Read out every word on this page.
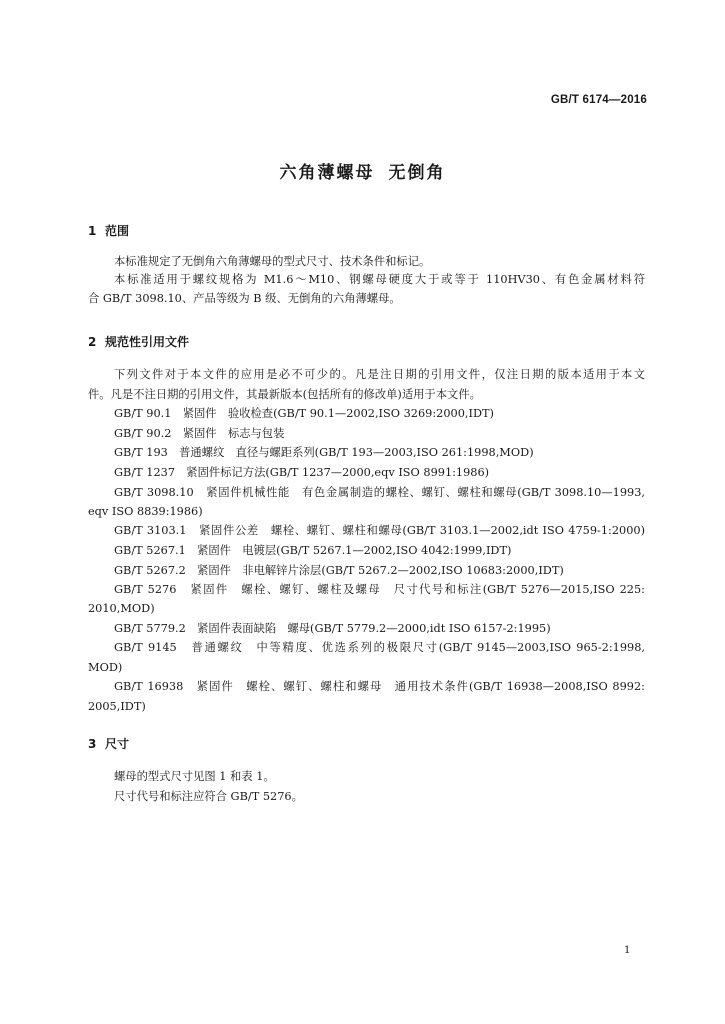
GB/T 6174—2016
六角薄螺母 无倒角
1 范围
本标准规定了无倒角六角薄螺母的型式尺寸、技术条件和标记。
本标准适用于螺纹规格为 M1.6～M10、钢螺母硬度大于或等于 110HV30、有色金属材料符
合 GB/T 3098.10、产品等级为 B 级、无倒角的六角薄螺母。
2 规范性引用文件
下列文件对于本文件的应用是必不可少的。凡是注日期的引用文件，仅注日期的版本适用于本文
件。凡是不注日期的引用文件，其最新版本(包括所有的修改单)适用于本文件。
GB/T 90.1　紧固件　验收检查(GB/T 90.1—2002,ISO 3269:2000,IDT)
GB/T 90.2　紧固件　标志与包装
GB/T 193　普通螺纹　直径与螺距系列(GB/T 193—2003,ISO 261:1998,MOD)
GB/T 1237　紧固件标记方法(GB/T 1237—2000,eqv ISO 8991:1986)
GB/T 3098.10　紧固件机械性能　有色金属制造的螺栓、螺钉、螺柱和螺母(GB/T 3098.10—1993,
eqv ISO 8839:1986)
GB/T 3103.1　紧固件公差　螺栓、螺钉、螺柱和螺母(GB/T 3103.1—2002,idt ISO 4759-1:2000)
GB/T 5267.1　紧固件　电镀层(GB/T 5267.1—2002,ISO 4042:1999,IDT)
GB/T 5267.2　紧固件　非电解锌片涂层(GB/T 5267.2—2002,ISO 10683:2000,IDT)
GB/T 5276　紧固件　螺栓、螺钉、螺柱及螺母　尺寸代号和标注(GB/T 5276—2015,ISO 225:
2010,MOD)
GB/T 5779.2　紧固件表面缺陷　螺母(GB/T 5779.2—2000,idt ISO 6157-2:1995)
GB/T 9145　普通螺纹　中等精度、优选系列的极限尺寸(GB/T 9145—2003,ISO 965-2:1998,
MOD)
GB/T 16938　紧固件　螺栓、螺钉、螺柱和螺母　通用技术条件(GB/T 16938—2008,ISO 8992:
2005,IDT)
3 尺寸
螺母的型式尺寸见图 1 和表 1。
尺寸代号和标注应符合 GB/T 5276。
1
